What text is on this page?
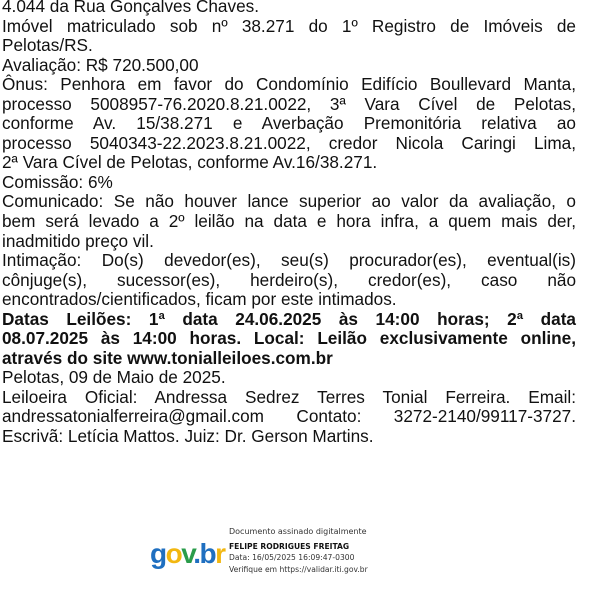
4.044 da Rua Gonçalves Chaves.

Imóvel matriculado sob nº 38.271 do 1º Registro de Imóveis de

Pelotas/RS.

Avaliação: R$ 720.500,00

Ônus: Penhora em favor do Condomínio Edifício Boullevard Manta,

processo 5008957-76.2020.8.21.0022, 3ª Vara Cível de Pelotas,

conforme Av. 15/38.271 e Averbação Premonitória relativa ao

processo 5040343-22.2023.8.21.0022, credor Nicola Caringi Lima,

2ª Vara Cível de Pelotas, conforme Av.16/38.271.

Comissão: 6%

Comunicado: Se não houver lance superior ao valor da avaliação, o

bem será levado a 2º leilão na data e hora infra, a quem mais der,

inadmitido preço vil.

Intimação: Do(s) devedor(es), seu(s) procurador(es), eventual(is)

cônjuge(s), sucessor(es), herdeiro(s), credor(es), caso não

encontrados/cientificados, ficam por este intimados.

Datas Leilões: 1ª data 24.06.2025 às 14:00 horas; 2ª data

08.07.2025 às 14:00 horas. Local: Leilão exclusivamente online,

através do site www.tonialleiloes.com.br

Pelotas, 09 de Maio de 2025.

Leiloeira Oficial: Andressa Sedrez Terres Tonial Ferreira. Email:

andressatonialferreira@gmail.com Contato: 3272-2140/99117-3727.

Escrivã: Letícia Mattos. Juiz: Dr. Gerson Martins.

gov.br
Documento assinado digitalmente
FELIPE RODRIGUES FREITAG
Data: 16/05/2025 16:09:47-0300
Verifique em https://validar.iti.gov.br
